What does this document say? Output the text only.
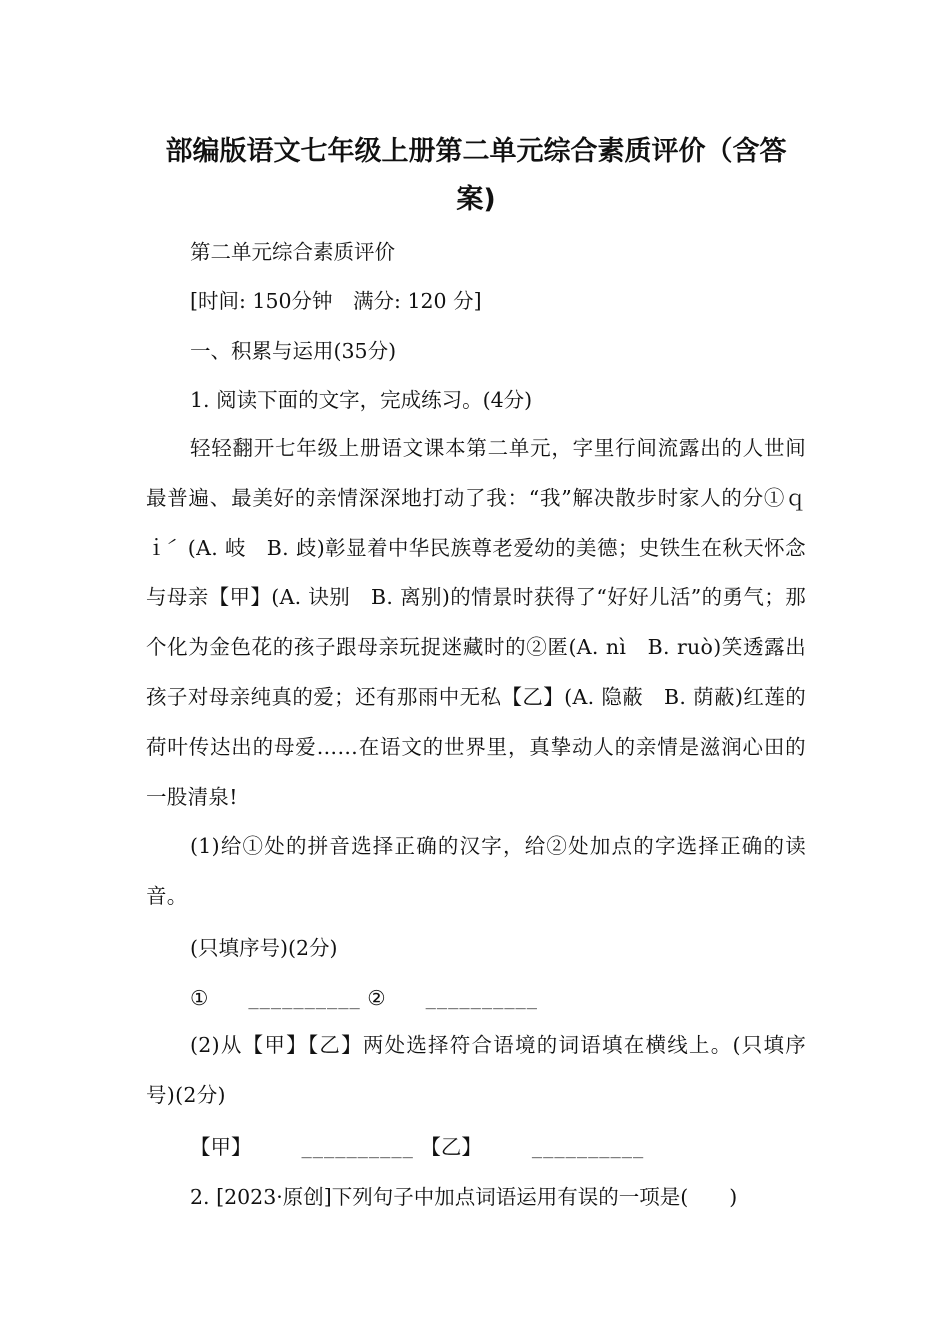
部编版语文七年级上册第二单元综合素质评价（含答
案)

第二单元综合素质评价

[时间: 150分钟　满分: 120 分]

一、积累与运用(35分)

1. 阅读下面的文字，完成练习。(4分)

轻轻翻开七年级上册语文课本第二单元，字里行间流露出的人世间最普遍、最美好的亲情深深地打动了我：“我”解决散步时家人的分①ｑｉ́　(A. 岐　B. 歧)彰显着中华民族尊老爱幼的美德；史铁生在秋天怀念与母亲【甲】(A. 诀别　B. 离别)的情景时获得了“好好儿活”的勇气；那个化为金色花的孩子跟母亲玩捉迷藏时的②匿(A. nì　B. ruò)笑透露出孩子对母亲纯真的爱；还有那雨中无私【乙】(A. 隐蔽　B. 荫蔽)红莲的荷叶传达出的母爱……在语文的世界里，真挚动人的亲情是滋润心田的一股清泉!

(1)给①处的拼音选择正确的汉字，给②处加点的字选择正确的读音。

(只填序号)(2分)

① __________ ② __________

(2)从【甲】【乙】两处选择符合语境的词语填在横线上。(只填序号)(2分)

【甲】	__________ 【乙】	__________

2. [2023·原创]下列句子中加点词语运用有误的一项是(　　)
